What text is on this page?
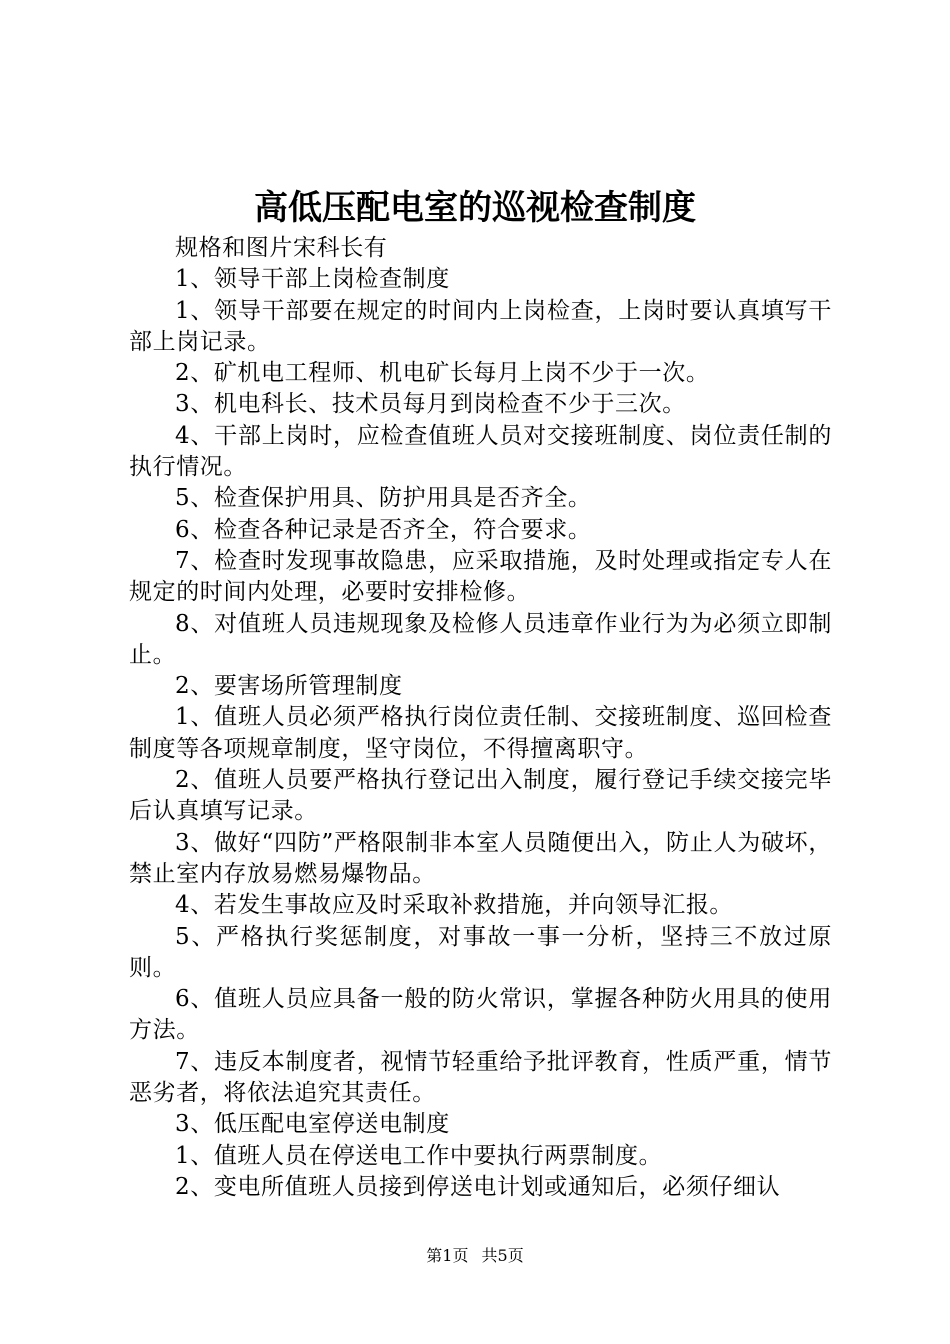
高低压配电室的巡视检查制度

规格和图片宋科长有

1、领导干部上岗检查制度

1、领导干部要在规定的时间内上岗检查，上岗时要认真填写干部上岗记录。

2、矿机电工程师、机电矿长每月上岗不少于一次。

3、机电科长、技术员每月到岗检查不少于三次。

4、干部上岗时，应检查值班人员对交接班制度、岗位责任制的执行情况。

5、检查保护用具、防护用具是否齐全。

6、检查各种记录是否齐全，符合要求。

7、检查时发现事故隐患，应采取措施，及时处理或指定专人在规定的时间内处理，必要时安排检修。

8、对值班人员违规现象及检修人员违章作业行为为必须立即制止。

2、要害场所管理制度

1、值班人员必须严格执行岗位责任制、交接班制度、巡回检查制度等各项规章制度，坚守岗位，不得擅离职守。

2、值班人员要严格执行登记出入制度，履行登记手续交接完毕后认真填写记录。

3、做好“四防”严格限制非本室人员随便出入，防止人为破坏，禁止室内存放易燃易爆物品。

4、若发生事故应及时采取补救措施，并向领导汇报。

5、严格执行奖惩制度，对事故一事一分析，坚持三不放过原则。

6、值班人员应具备一般的防火常识，掌握各种防火用具的使用方法。

7、违反本制度者，视情节轻重给予批评教育，性质严重，情节恶劣者，将依法追究其责任。

3、低压配电室停送电制度

1、值班人员在停送电工作中要执行两票制度。

2、变电所值班人员接到停送电计划或通知后，必须仔细认

第1页 共5页
